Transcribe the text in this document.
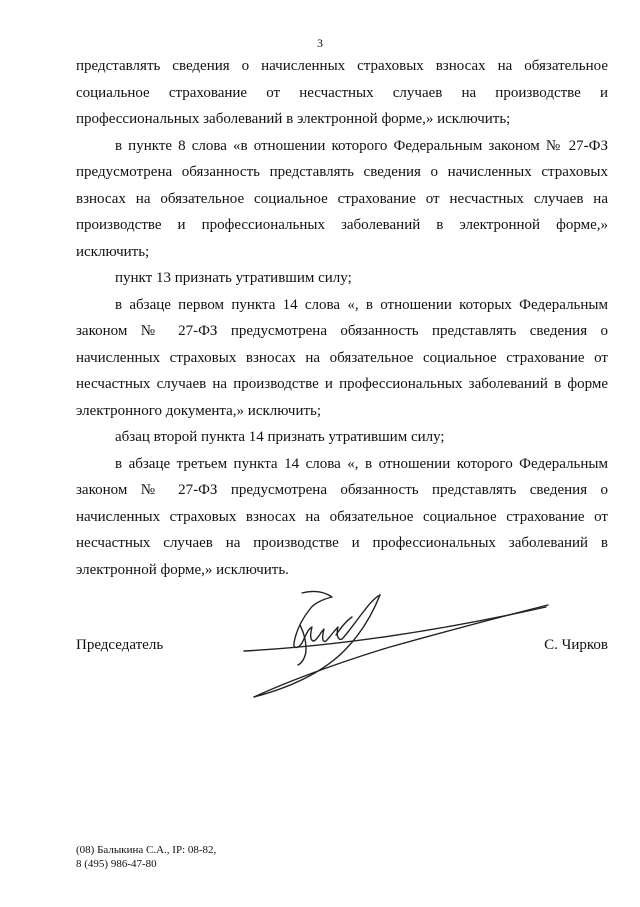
3

представлять сведения о начисленных страховых взносах на обязательное социальное страхование от несчастных случаев на производстве и профессиональных заболеваний в электронной форме,» исключить;

в пункте 8 слова «в отношении которого Федеральным законом № 27-ФЗ предусмотрена обязанность представлять сведения о начисленных страховых взносах на обязательное социальное страхование от несчастных случаев на производстве и профессиональных заболеваний в электронной форме,» исключить;

пункт 13 признать утратившим силу;

в абзаце первом пункта 14 слова «, в отношении которых Федеральным законом № 27-ФЗ предусмотрена обязанность представлять сведения о начисленных страховых взносах на обязательное социальное страхование от несчастных случаев на производстве и профессиональных заболеваний в форме электронного документа,» исключить;

абзац второй пункта 14 признать утратившим силу;

в абзаце третьем пункта 14 слова «, в отношении которого Федеральным законом № 27-ФЗ предусмотрена обязанность представлять сведения о начисленных страховых взносах на обязательное социальное страхование от несчастных случаев на производстве и профессиональных заболеваний в электронной форме,» исключить.

Председатель	С. Чирков
(08) Балыкина С.А., IP: 08-82,
8 (495) 986-47-80
